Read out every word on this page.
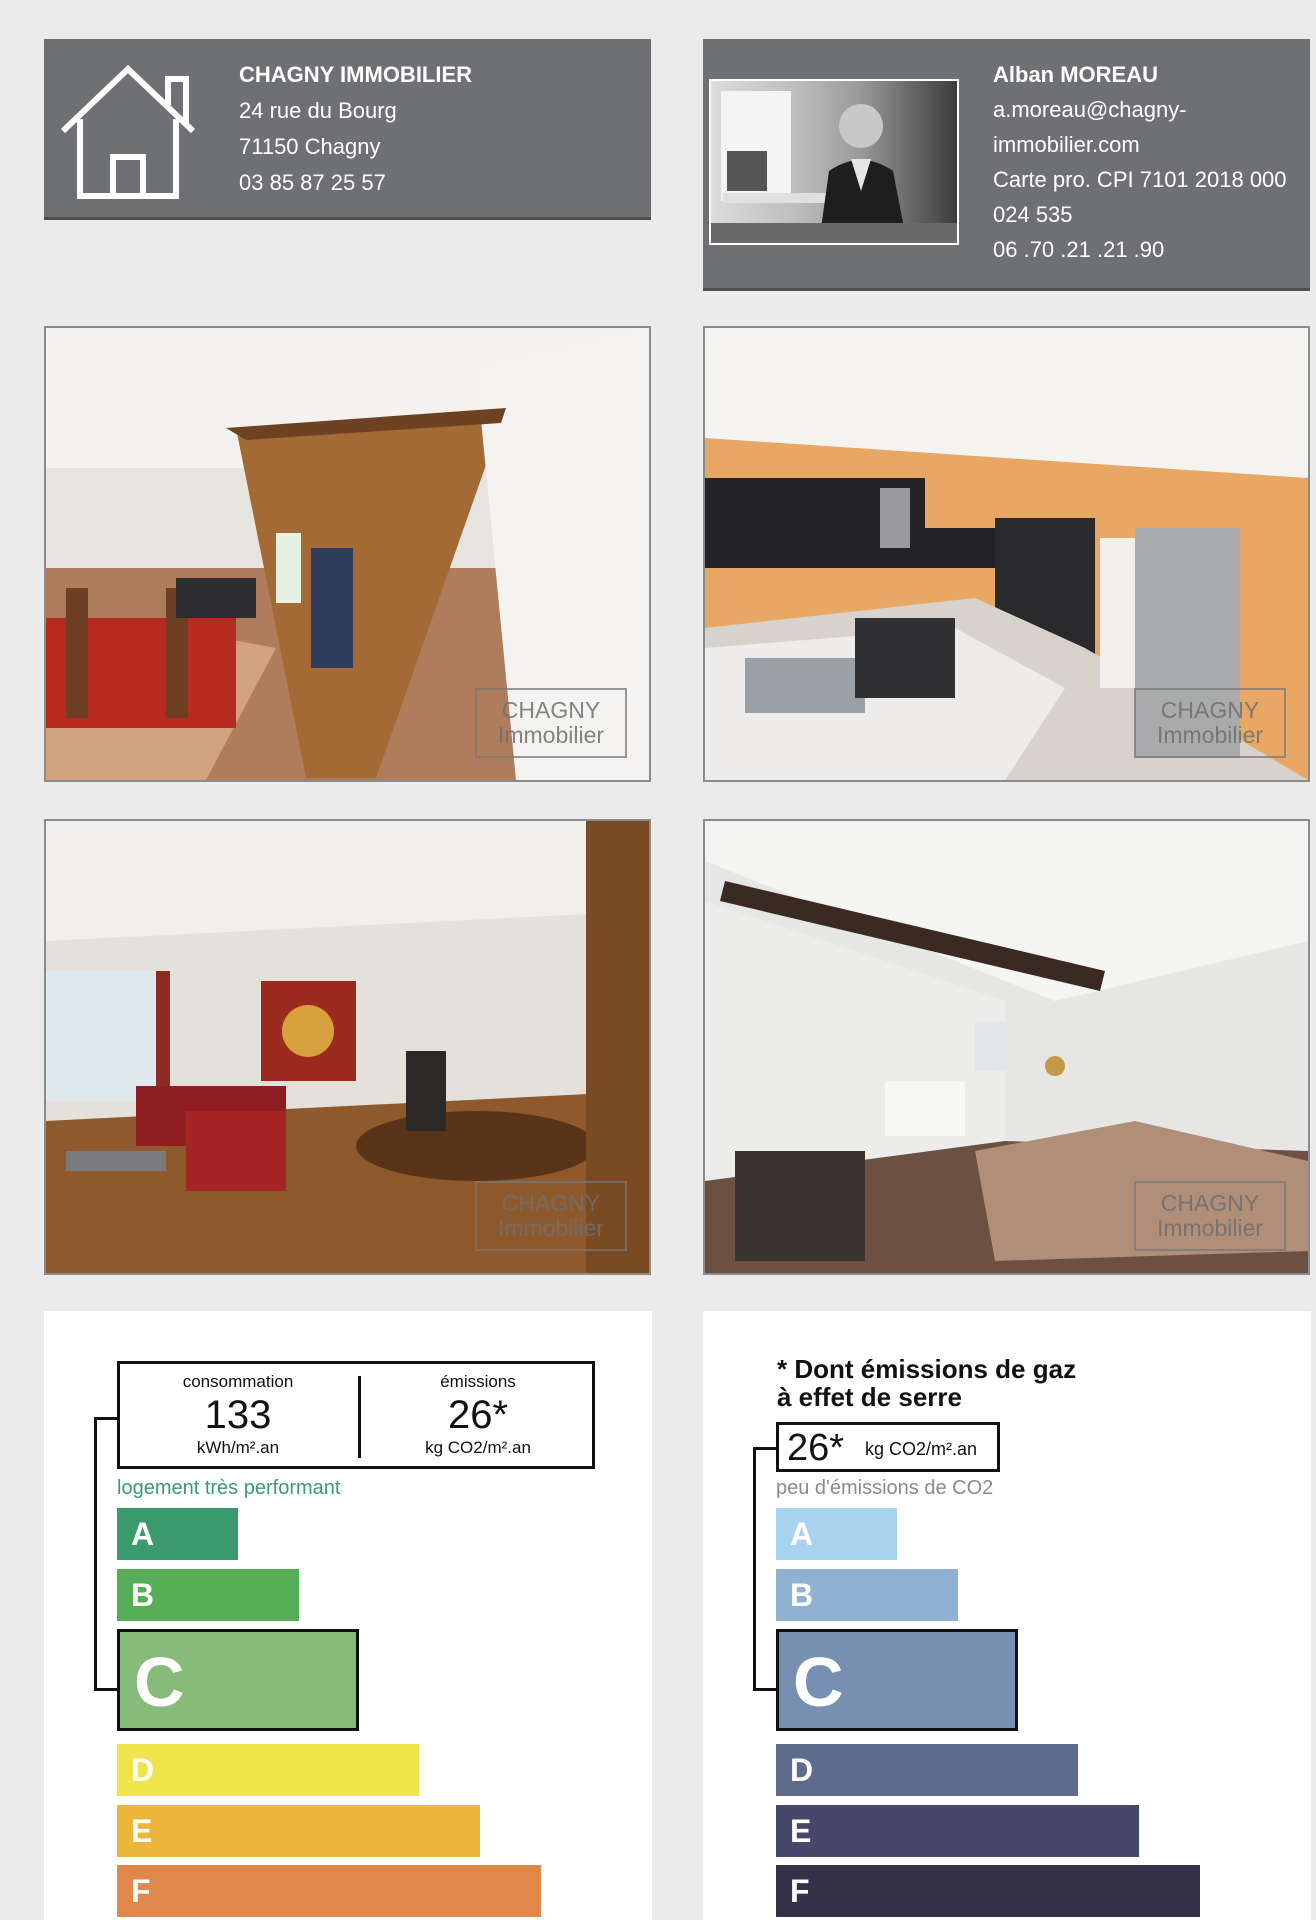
CHAGNY IMMOBILIER
24 rue du Bourg
71150 Chagny
03 85 87 25 57
Alban MOREAU
a.moreau@chagny-immobilier.com
Carte pro. CPI 7101 2018 000 024 535
06 .70 .21 .21 .90
CHAGNY
Immobilier
CHAGNY
Immobilier
CHAGNY
Immobilier
CHAGNY
Immobilier
consommation
133
kWh/m².an
émissions
26*
kg CO2/m².an
logement très performant
A
B
C
D
E
F
* Dont émissions de gaz
à effet de serre
26* kg CO2/m².an
peu d'émissions de CO2
A
B
C
D
E
F
